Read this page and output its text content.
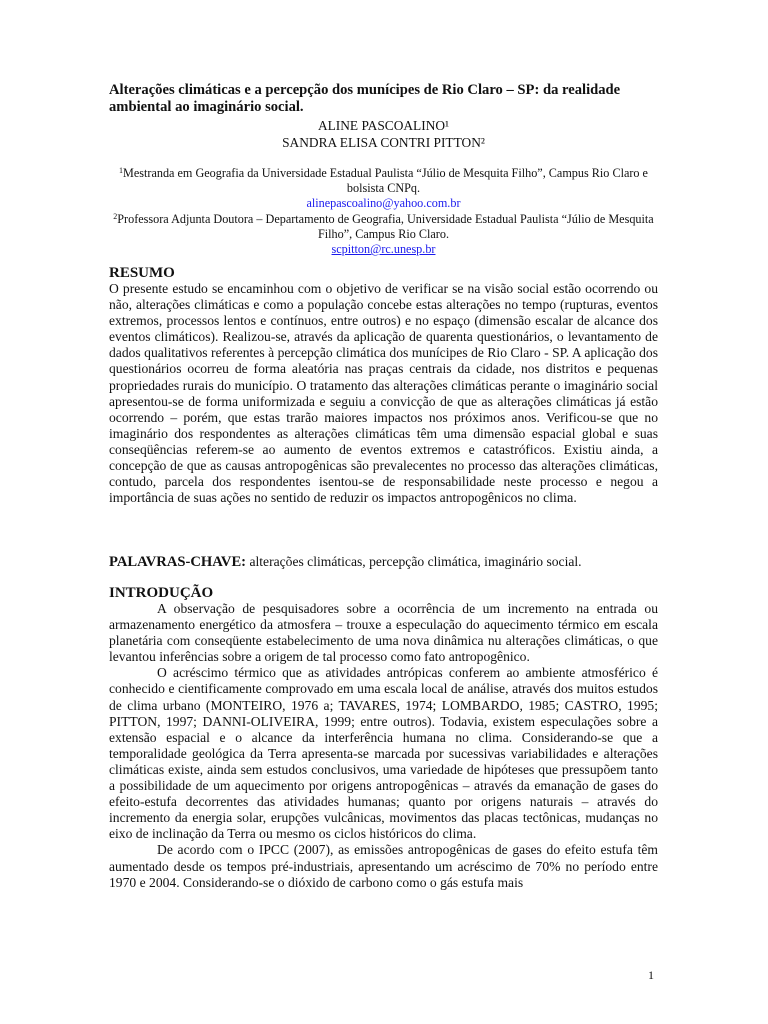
Alterações climáticas e a percepção dos munícipes de Rio Claro – SP: da realidade ambiental ao imaginário social.
ALINE PASCOALINO¹
SANDRA ELISA CONTRI PITTON²
$^1$Mestranda em Geografia da Universidade Estadual Paulista “Júlio de Mesquita Filho”, Campus Rio Claro e bolsista CNPq.
alinepascoalino@yahoo.com.br
$^2$Professora Adjunta Doutora – Departamento de Geografia, Universidade Estadual Paulista “Júlio de Mesquita Filho”, Campus Rio Claro.
scpitton@rc.unesp.br
RESUMO

O presente estudo se encaminhou com o objetivo de verificar se na visão social estão ocorrendo ou não, alterações climáticas e como a população concebe estas alterações no tempo (rupturas, eventos extremos, processos lentos e contínuos, entre outros) e no espaço (dimensão escalar de alcance dos eventos climáticos). Realizou-se, através da aplicação de quarenta questionários, o levantamento de dados qualitativos referentes à percepção climática dos munícipes de Rio Claro - SP. A aplicação dos questionários ocorreu de forma aleatória nas praças centrais da cidade, nos distritos e pequenas propriedades rurais do município. O tratamento das alterações climáticas perante o imaginário social apresentou-se de forma uniformizada e seguiu a convicção de que as alterações climáticas já estão ocorrendo – porém, que estas trarão maiores impactos nos próximos anos. Verificou-se que no imaginário dos respondentes as alterações climáticas têm uma dimensão espacial global e suas conseqüências referem-se ao aumento de eventos extremos e catastróficos. Existiu ainda, a concepção de que as causas antropogênicas são prevalecentes no processo das alterações climáticas, contudo, parcela dos respondentes isentou-se de responsabilidade neste processo e negou a importância de suas ações no sentido de reduzir os impactos antropogênicos no clima.

PALAVRAS-CHAVE: alterações climáticas, percepção climática, imaginário social.
INTRODUÇÃO

A observação de pesquisadores sobre a ocorrência de um incremento na entrada ou armazenamento energético da atmosfera – trouxe a especulação do aquecimento térmico em escala planetária com conseqüente estabelecimento de uma nova dinâmica nu alterações climáticas, o que levantou inferências sobre a origem de tal processo como fato antropogênico.

O acréscimo térmico que as atividades antrópicas conferem ao ambiente atmosférico é conhecido e cientificamente comprovado em uma escala local de análise, através dos muitos estudos de clima urbano (MONTEIRO, 1976 a; TAVARES, 1974; LOMBARDO, 1985; CASTRO, 1995; PITTON, 1997; DANNI-OLIVEIRA, 1999; entre outros). Todavia, existem especulações sobre a extensão espacial e o alcance da interferência humana no clima. Considerando-se que a temporalidade geológica da Terra apresenta-se marcada por sucessivas variabilidades e alterações climáticas existe, ainda sem estudos conclusivos, uma variedade de hipóteses que pressupõem tanto a possibilidade de um aquecimento por origens antropogênicas – através da emanação de gases do efeito-estufa decorrentes das atividades humanas; quanto por origens naturais – através do incremento da energia solar, erupções vulcânicas, movimentos das placas tectônicas, mudanças no eixo de inclinação da Terra ou mesmo os ciclos históricos do clima.

De acordo com o IPCC (2007), as emissões antropogênicas de gases do efeito estufa têm aumentado desde os tempos pré-industriais, apresentando um acréscimo de 70% no período entre 1970 e 2004. Considerando-se o dióxido de carbono como o gás estufa mais

1
